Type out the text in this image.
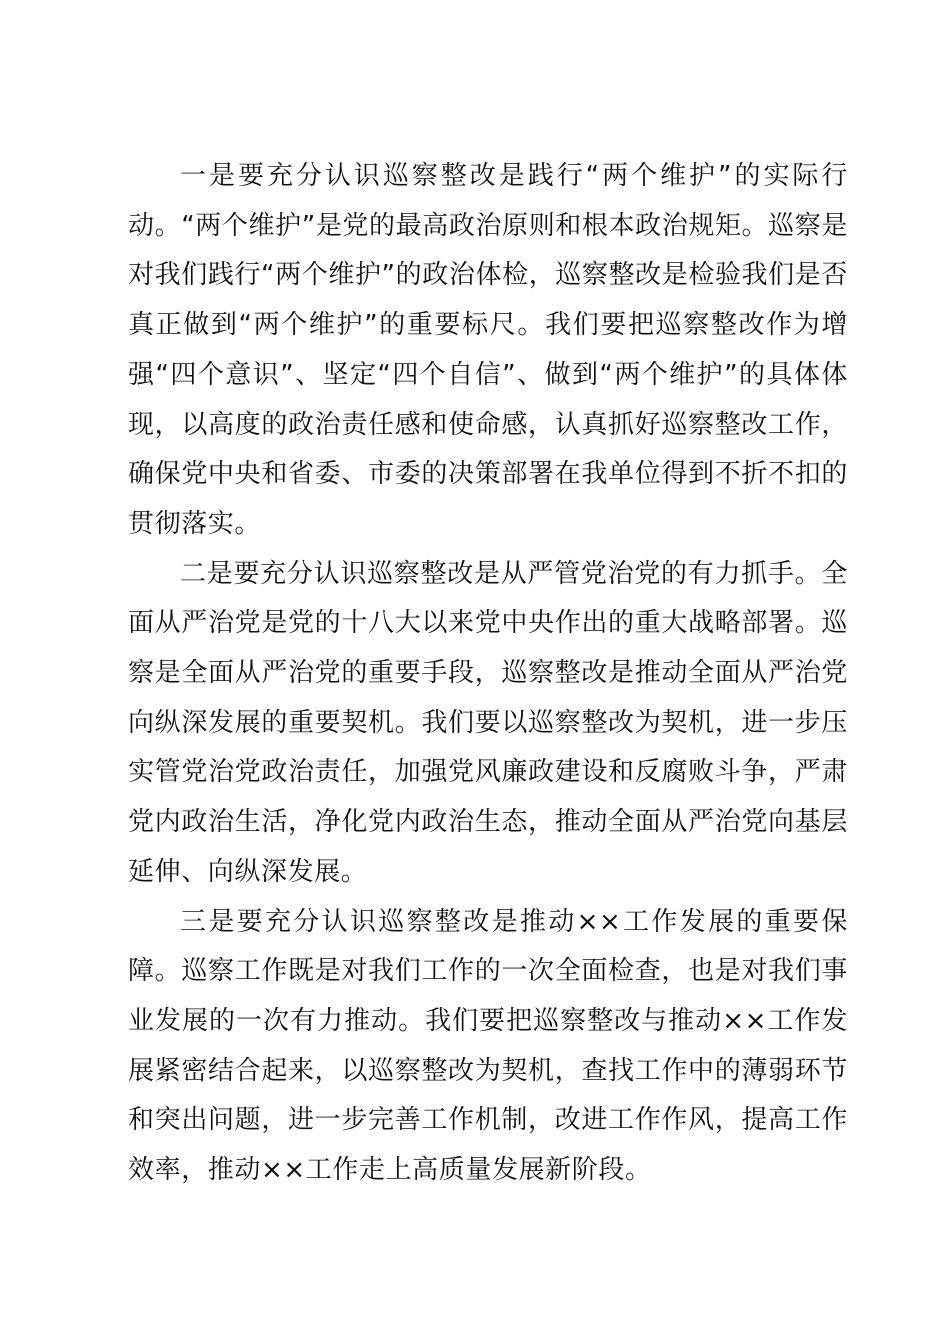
一是要充分认识巡察整改是践行“两个维护”的实际行动。“两个维护”是党的最高政治原则和根本政治规矩。巡察是对我们践行“两个维护”的政治体检，巡察整改是检验我们是否真正做到“两个维护”的重要标尺。我们要把巡察整改作为增强“四个意识”、坚定“四个自信”、做到“两个维护”的具体体现，以高度的政治责任感和使命感，认真抓好巡察整改工作，确保党中央和省委、市委的决策部署在我单位得到不折不扣的贯彻落实。

二是要充分认识巡察整改是从严管党治党的有力抓手。全面从严治党是党的十八大以来党中央作出的重大战略部署。巡察是全面从严治党的重要手段，巡察整改是推动全面从严治党向纵深发展的重要契机。我们要以巡察整改为契机，进一步压实管党治党政治责任，加强党风廉政建设和反腐败斗争，严肃党内政治生活，净化党内政治生态，推动全面从严治党向基层延伸、向纵深发展。

三是要充分认识巡察整改是推动××工作发展的重要保障。巡察工作既是对我们工作的一次全面检查，也是对我们事业发展的一次有力推动。我们要把巡察整改与推动××工作发展紧密结合起来，以巡察整改为契机，查找工作中的薄弱环节和突出问题，进一步完善工作机制，改进工作作风，提高工作效率，推动××工作走上高质量发展新阶段。
